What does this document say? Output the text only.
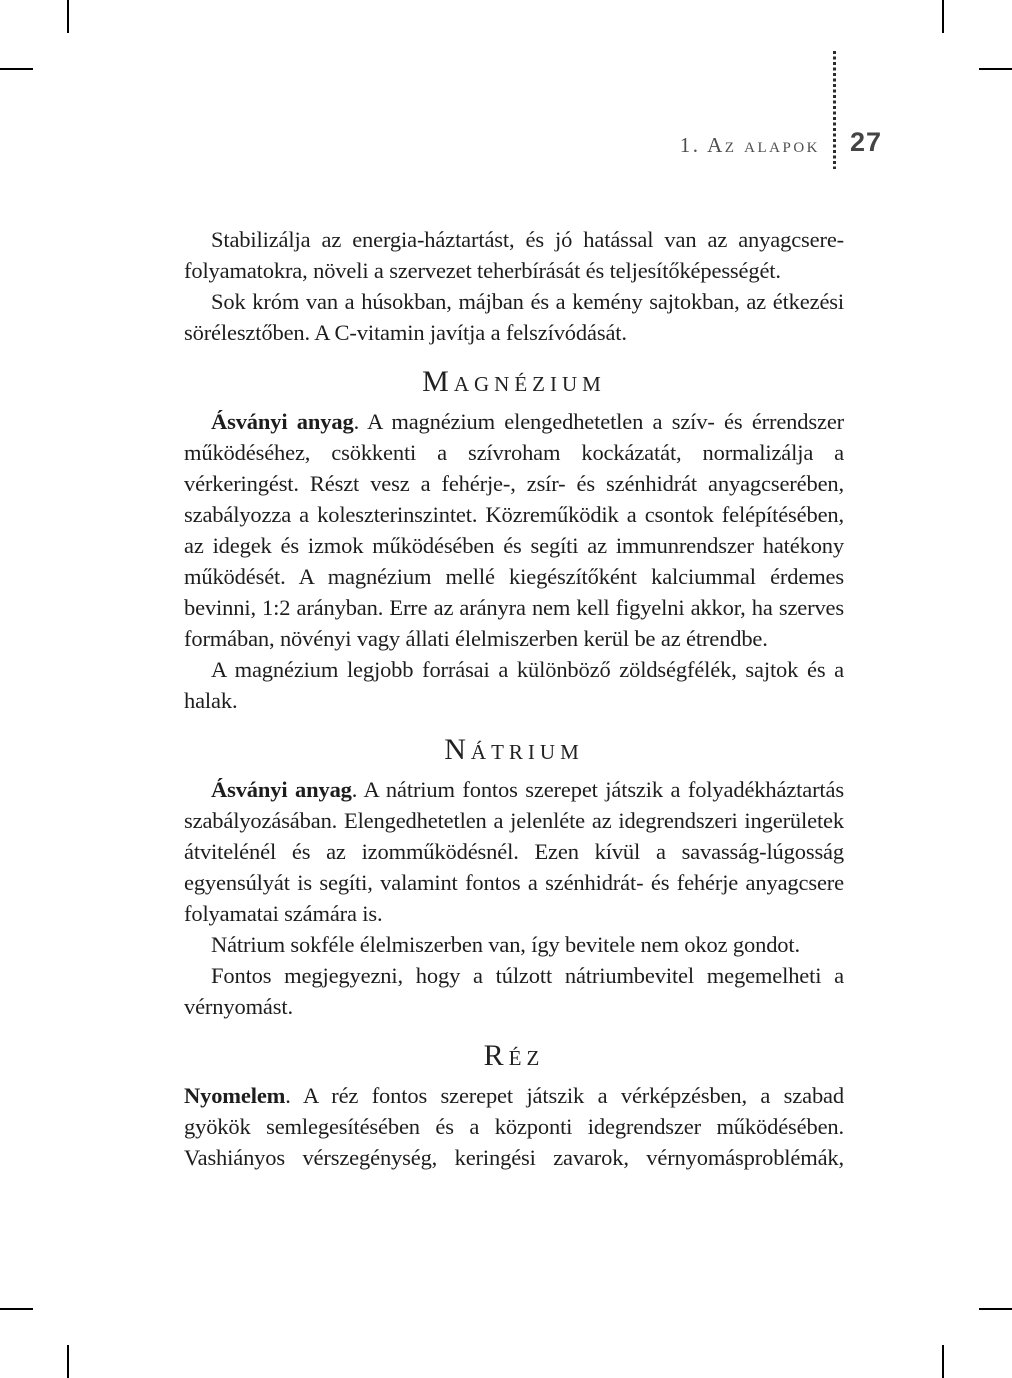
1. Az alapok 27

Stabilizálja az energia-háztartást, és jó hatással van az anyagcsere-folyamatokra, növeli a szervezet teherbírását és teljesítőképességét.

Sok króm van a húsokban, májban és a kemény sajtokban, az étkezési sörélesztőben. A C-vitamin javítja a felszívódását.

Magnézium

Ásványi anyag. A magnézium elengedhetetlen a szív- és érrendszer működéséhez, csökkenti a szívroham kockázatát, normalizálja a vérkeringést. Részt vesz a fehérje-, zsír- és szénhidrát anyagcserében, szabályozza a koleszterinszintet. Közreműködik a csontok felépítésében, az idegek és izmok működésében és segíti az immunrendszer hatékony működését. A magnézium mellé kiegészítőként kalciummal érdemes bevinni, 1:2 arányban. Erre az arányra nem kell figyelni akkor, ha szerves formában, növényi vagy állati élelmiszerben kerül be az étrendbe.

A magnézium legjobb forrásai a különböző zöldségfélék, sajtok és a halak.

Nátrium

Ásványi anyag. A nátrium fontos szerepet játszik a folyadékháztartás szabályozásában. Elengedhetetlen a jelenléte az idegrendszeri ingerületek átvitelénél és az izomműködésnél. Ezen kívül a savasság-lúgosság egyensúlyát is segíti, valamint fontos a szénhidrát- és fehérje anyagcsere folyamatai számára is.

Nátrium sokféle élelmiszerben van, így bevitele nem okoz gondot.

Fontos megjegyezni, hogy a túlzott nátriumbevitel megemelheti a vérnyomást.

Réz

Nyomelem. A réz fontos szerepet játszik a vérképzésben, a szabad gyökök semlegesítésében és a központi idegrendszer működésében. Vashiányos vérszegénység, keringési zavarok, vérnyomásproblémák,
